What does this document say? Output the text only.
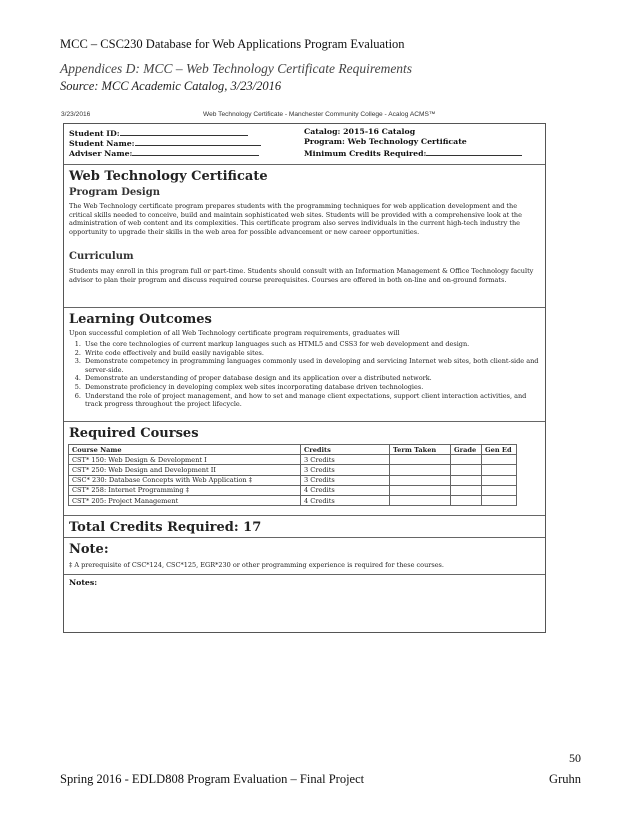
MCC – CSC230 Database for Web Applications Program Evaluation
Appendices D: MCC – Web Technology Certificate Requirements
Source: MCC Academic Catalog, 3/23/2016
3/23/2016	Web Technology Certificate - Manchester Community College - Acalog ACMS™
Student ID:
Student Name:
Adviser Name:
Catalog: 2015-16 Catalog
Program: Web Technology Certificate
Minimum Credits Required:
Web Technology Certificate
Program Design
The Web Technology certificate program prepares students with the programming techniques for web application development and the critical skills needed to conceive, build and maintain sophisticated web sites. Students will be provided with a comprehensive look at the administration of web content and its complexities. This certificate program also serves individuals in the current high-tech industry the opportunity to upgrade their skills in the web area for possible advancement or new career opportunities.
Curriculum
Students may enroll in this program full or part-time. Students should consult with an Information Management & Office Technology faculty advisor to plan their program and discuss required course prerequisites. Courses are offered in both on-line and on-ground formats.
Learning Outcomes
Upon successful completion of all Web Technology certificate program requirements, graduates will
1. Use the core technologies of current markup languages such as HTML5 and CSS3 for web development and design.
2. Write code effectively and build easily navigable sites.
3. Demonstrate competency in programming languages commonly used in developing and servicing Internet web sites, both client-side and server-side.
4. Demonstrate an understanding of proper database design and its application over a distributed network.
5. Demonstrate proficiency in developing complex web sites incorporating database driven technologies.
6. Understand the role of project management, and how to set and manage client expectations, support client interaction activities, and track progress throughout the project lifecycle.
Required Courses
Course Name	Credits	Term Taken	Grade	Gen Ed
CST* 150: Web Design & Development I	3 Credits			
CST* 250: Web Design and Development II	3 Credits			
CSC* 230: Database Concepts with Web Application ‡	3 Credits			
CST* 258: Internet Programming ‡	4 Credits			
CST* 205: Project Management	4 Credits			
Total Credits Required: 17
Note:
‡ A prerequisite of CSC*124, CSC*125, EGR*230 or other programming experience is required for these courses.
Notes:
50
Spring 2016 - EDLD808 Program Evaluation – Final Project	Gruhn
